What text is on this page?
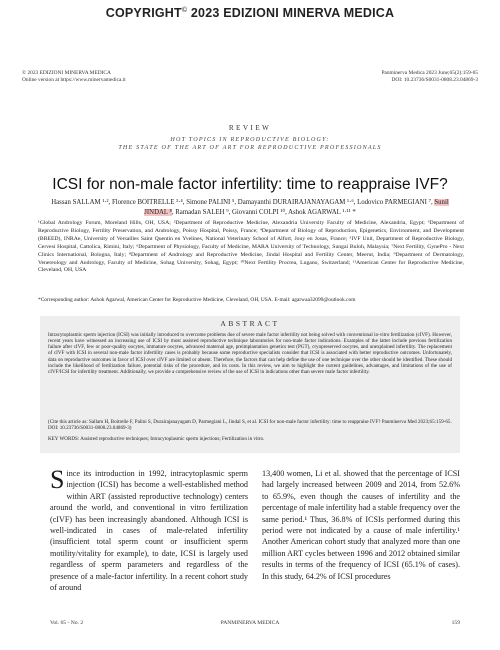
COPYRIGHT© 2023 EDIZIONI MINERVA MEDICA
© 2023 EDIZIONI MINERVA MEDICA
Online version at https://www.minervamedica.it
Panminerva Medica 2023 June;65(2):159-65
DOI: 10.23736/S0031-0808.23.04869-3
REVIEW
HOT TOPICS IN REPRODUCTIVE BIOLOGY:
THE STATE OF THE ART OF ART FOR REPRODUCTIVE PROFESSIONALS
ICSI for non-male factor infertility: time to reappraise IVF?
Hassan SALLAM ¹·², Florence BOITRELLE ³·⁴, Simone PALINI ⁵, Damayanthi DURAIRAJANAYAGAM ¹·⁶, Lodovico PARMEGIANI ⁷, Sunil JINDAL ⁸, Ramadan SALEH ⁹, Giovanni COLPI ¹⁰, Ashok AGARWAL ¹·¹¹ *
¹Global Andrology Forum, Moreland Hills, OH, USA; ²Department of Reproductive Medicine, Alexandria University Faculty of Medicine, Alexandria, Egypt; ³Department of Reproductive Biology, Fertility Preservation, and Andrology, Poissy Hospital, Poissy, France; ⁴Department of Biology of Reproduction, Epigenetics, Environment, and Development (BREED), INRAe, University of Versailles Saint Quentin en Yvelines, National Veterinary School of Alfort, Jouy en Josas, France; ⁵IVF Unit, Department of Reproductive Biology, Cervesi Hospital, Cattolica, Rimini, Italy; ⁶Department of Physiology, Faculty of Medicine, MARA University of Technology, Sungai Buloh, Malaysia; ⁷Next Fertility, GynePro - Next Clinics International, Bologna, Italy; ⁸Department of Andrology and Reproductive Medicine, Jindal Hospital and Fertility Center, Meerut, India; ⁹Department of Dermatology, Venereology and Andrology, Faculty of Medicine, Sohag University, Sohag, Egypt; ¹⁰Next Fertility Procrea, Lugano, Switzerland; ¹¹American Center for Reproductive Medicine, Cleveland, OH, USA
*Corresponding author: Ashok Agarwal, American Center for Reproductive Medicine, Cleveland, OH, USA. E-mail: agarwaa32099@outlook.com
ABSTRACT
Intracytoplasmic sperm injection (ICSI) was initially introduced to overcome problems due of severe male factor infertility not being solved with conventional in-vitro fertilization (cIVF). However, recent years have witnessed an increasing use of ICSI by most assisted reproductive technique laboratories for non-male factor indications. Examples of the latter include previous fertilization failure after cIVF, few or poor-quality oocytes, immature oocytes, advanced maternal age, preimplantation genetics test (PGT), cryopreserved oocytes, and unexplained infertility. The replacement of cIVF with ICSI in several non-male factor infertility cases is probably because some reproductive specialists consider that ICSI is associated with better reproductive outcomes. Unfortunately, data on reproductive outcomes in favor of ICSI over cIVF are limited or absent. Therefore, the factors that can help define the use of one technique over the other should be identified. These should include the likelihood of fertilization failure, potential risks of the procedure, and its costs. In this review, we aim to highlight the current guidelines, advantages, and limitations of the use of cIVF/ICSI for infertility treatment. Additionally, we provide a comprehensive review of the use of ICSI in indications other than severe male factor infertility.
(Cite this article as: Sallam H, Boitrelle F, Palini S, Durairajanayagam D, Parmegiani L, Jindal S, et al. ICSI for non-male factor infertility: time to reappraise IVF? Panminerva Med 2023;65:159-65. DOI: 10.23736/S0031-0808.23.04869-3)
KEY WORDS: Assisted reproductive techniques; Intracytoplasmic sperm injections; Fertilization in vitro.
Since its introduction in 1992, intracytoplasmic sperm injection (ICSI) has become a well-established method within ART (assisted reproductive technology) centers around the world, and conventional in vitro fertilization (cIVF) has been increasingly abandoned. Although ICSI is well-indicated in cases of male-related infertility (insufficient total sperm count or insufficient sperm motility/vitality for example), to date, ICSI is largely used regardless of sperm parameters and regardless of the presence of a male-factor infertility. In a recent cohort study of around
13,400 women, Li et al. showed that the percentage of ICSI had largely increased between 2009 and 2014, from 52.6% to 65.9%, even though the causes of infertility and the percentage of male infertility had a stable frequency over the same period.¹ Thus, 36.8% of ICSIs performed during this period were not indicated by a cause of male infertility.¹ Another American cohort study that analyzed more than one million ART cycles between 1996 and 2012 obtained similar results in terms of the frequency of ICSI (65.1% of cases). In this study, 64.2% of ICSI procedures
Vol. 65 - No. 2	PANMINERVA MEDICA	159
